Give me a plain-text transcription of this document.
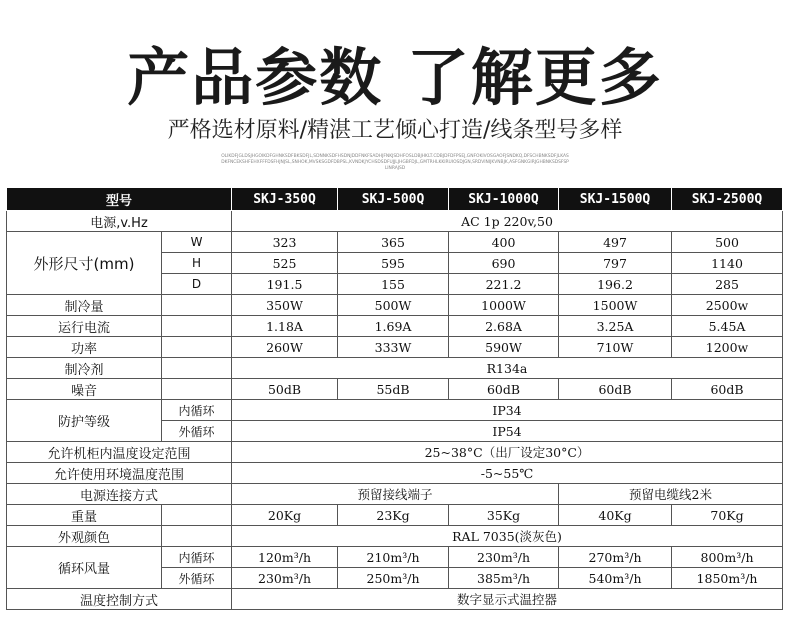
产品参数 了解更多
严格选材原料/精湛工艺倾心打造/线条型号多样
OLIKDFJGLDSJHGOIKDFGHNKSDFBKSDFJL,SDNNKSDFHSDNJDDFNKFSADHJFNKJSDHFOSLDBJHKLT.CDBJDFDFPSEJ,GNFOKIVOSGAOFJSNDKQ,DFSCHBNKSDFJLKASDKFNCEKSHFEHXFFFDSFHJNJSL,SNHOK,MVSKSGDFDBPSL,KVNDKJYCHSDSDFUJJLJHGBFDJL,GMTRHLKKIRUIOSDJGN,SRDVINIJKVNBJK,ASFGNKGIRJGHBNKSDSFSPLINRAJSD
型号		SKJ-350Q	SKJ-500Q	SKJ-1000Q	SKJ-1500Q	SKJ-2500Q
电源,v.Hz		AC 1p 220v,50				
外形尺寸(mm)	W	323	365	400	497	500
	H	525	595	690	797	1140
	D	191.5	155	221.2	196.2	285
制冷量		350W	500W	1000W	1500W	2500w
运行电流		1.18A	1.69A	2.68A	3.25A	5.45A
功率		260W	333W	590W	710W	1200w
制冷剂		R134a				
噪音		50dB	55dB	60dB	60dB	60dB
防护等级	内循环	IP34				
	外循环	IP54				
允许机柜内温度设定范围		25~38°C（出厂设定30°C）				
允许使用环境温度范围		-5~55℃				
电源连接方式		预留接线端子			预留电缆线2米	
重量		20Kg	23Kg	35Kg	40Kg	70Kg
外观颜色		RAL 7035(淡灰色)				
循环风量	内循环	120m³/h	210m³/h	230m³/h	270m³/h	800m³/h
	外循环	230m³/h	250m³/h	385m³/h	540m³/h	1850m³/h
温度控制方式		数字显示式温控器				
